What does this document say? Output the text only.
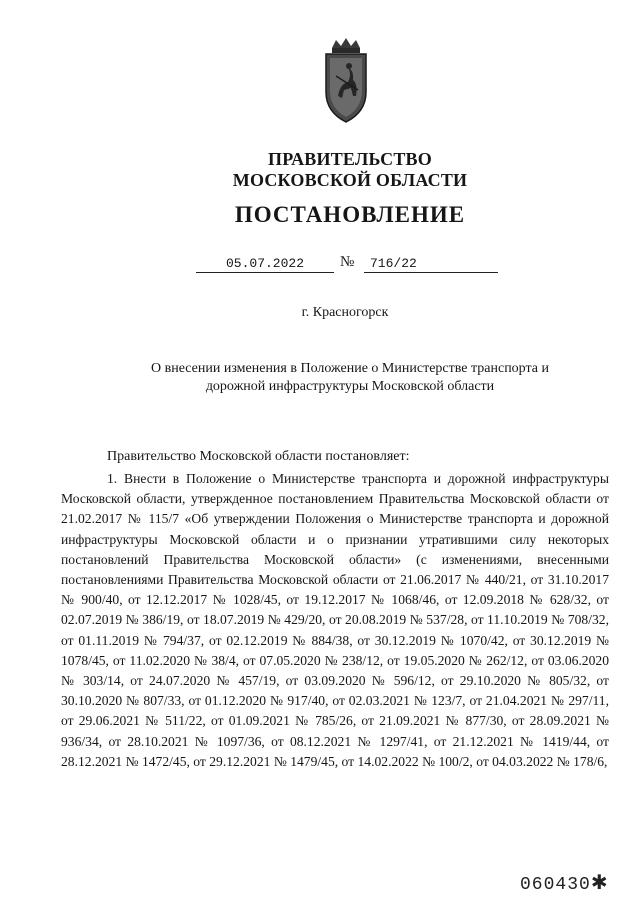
ПРАВИТЕЛЬСТВО
МОСКОВСКОЙ ОБЛАСТИ
ПОСТАНОВЛЕНИЕ
05.07.2022	№	716/22
г. Красногорск
О внесении изменения в Положение о Министерстве транспорта и дорожной инфраструктуры Московской области
Правительство Московской области постановляет:

1. Внести в Положение о Министерстве транспорта и дорожной инфраструктуры Московской области, утвержденное постановлением Правительства Московской области от 21.02.2017 № 115/7 «Об утверждении Положения о Министерстве транспорта и дорожной инфраструктуры Московской области и о признании утратившими силу некоторых постановлений Правительства Московской области» (с изменениями, внесенными постановлениями Правительства Московской области от 21.06.2017 № 440/21, от 31.10.2017 № 900/40, от 12.12.2017 № 1028/45, от 19.12.2017 № 1068/46, от 12.09.2018 № 628/32, от 02.07.2019 № 386/19, от 18.07.2019 № 429/20, от 20.08.2019 № 537/28, от 11.10.2019 № 708/32, от 01.11.2019 № 794/37, от 02.12.2019 № 884/38, от 30.12.2019 № 1070/42, от 30.12.2019 № 1078/45, от 11.02.2020 № 38/4, от 07.05.2020 № 238/12, от 19.05.2020 № 262/12, от 03.06.2020 № 303/14, от 24.07.2020 № 457/19, от 03.09.2020 № 596/12, от 29.10.2020 № 805/32, от 30.10.2020 № 807/33, от 01.12.2020 № 917/40, от 02.03.2021 № 123/7, от 21.04.2021 № 297/11, от 29.06.2021 № 511/22, от 01.09.2021 № 785/26, от 21.09.2021 № 877/30, от 28.09.2021 № 936/34, от 28.10.2021 № 1097/36, от 08.12.2021 № 1297/41, от 21.12.2021 № 1419/44, от 28.12.2021 № 1472/45, от 29.12.2021 № 1479/45, от 14.02.2022 № 100/2, от 04.03.2022 № 178/6,

060430✱
